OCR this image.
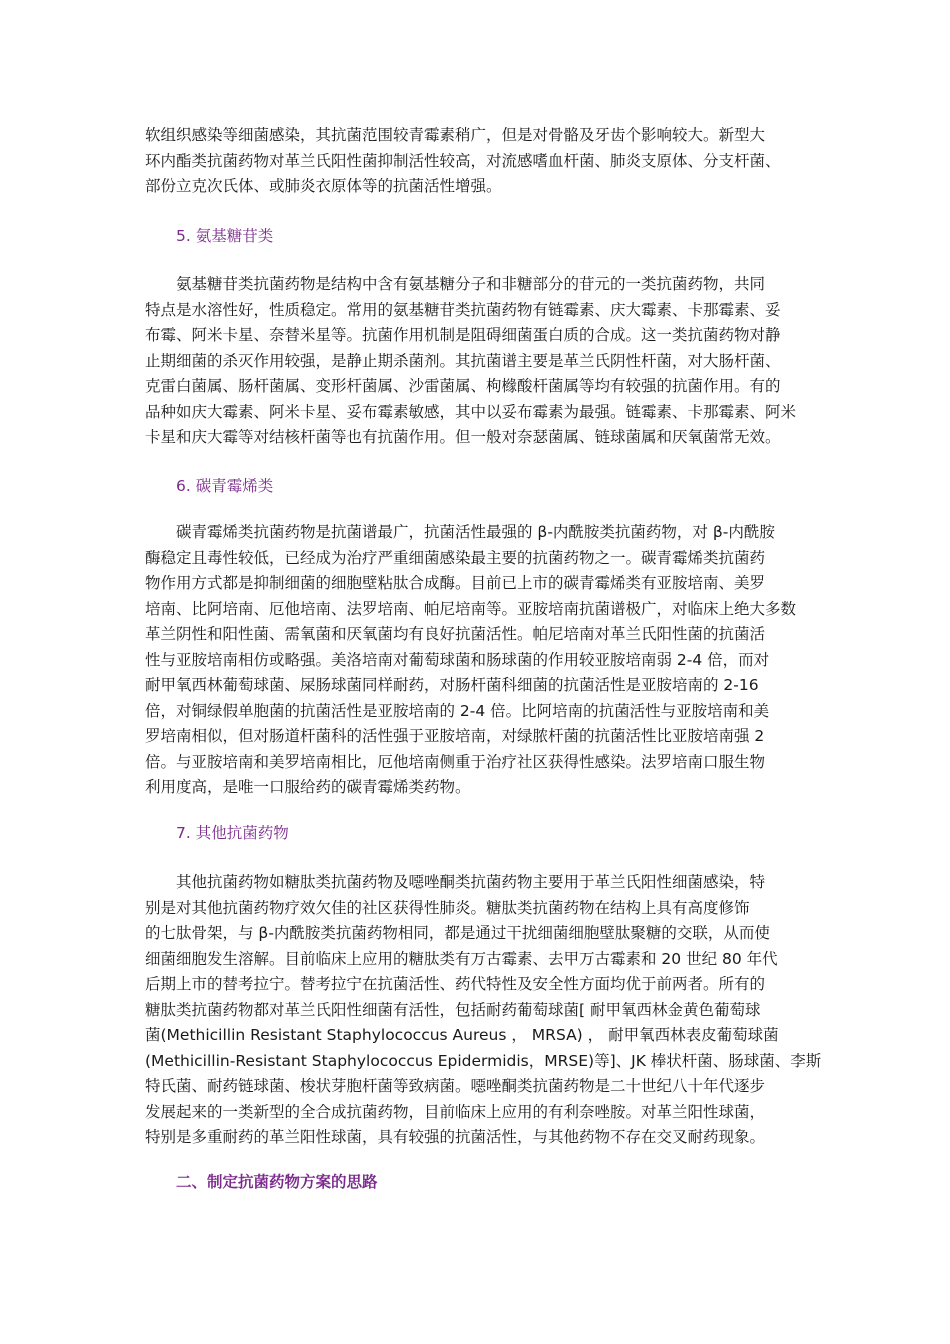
软组织感染等细菌感染，其抗菌范围较青霉素稍广，但是对骨骼及牙齿个影响较大。新型大
环内酯类抗菌药物对革兰氏阳性菌抑制活性较高，对流感嗜血杆菌、肺炎支原体、分支杆菌、
部份立克次氏体、或肺炎衣原体等的抗菌活性增强。

5. 氨基糖苷类

　　氨基糖苷类抗菌药物是结构中含有氨基糖分子和非糖部分的苷元的一类抗菌药物，共同
特点是水溶性好，性质稳定。常用的氨基糖苷类抗菌药物有链霉素、庆大霉素、卡那霉素、妥
布霉、阿米卡星、奈替米星等。抗菌作用机制是阻碍细菌蛋白质的合成。这一类抗菌药物对静
止期细菌的杀灭作用较强，是静止期杀菌剂。其抗菌谱主要是革兰氏阴性杆菌，对大肠杆菌、
克雷白菌属、肠杆菌属、变形杆菌属、沙雷菌属、枸橼酸杆菌属等均有较强的抗菌作用。有的
品种如庆大霉素、阿米卡星、妥布霉素敏感，其中以妥布霉素为最强。链霉素、卡那霉素、阿米
卡星和庆大霉等对结核杆菌等也有抗菌作用。但一般对奈瑟菌属、链球菌属和厌氧菌常无效。

6. 碳青霉烯类

　　碳青霉烯类抗菌药物是抗菌谱最广，抗菌活性最强的 β-内酰胺类抗菌药物，对 β-内酰胺
酶稳定且毒性较低，已经成为治疗严重细菌感染最主要的抗菌药物之一。碳青霉烯类抗菌药
物作用方式都是抑制细菌的细胞壁粘肽合成酶。目前已上市的碳青霉烯类有亚胺培南、美罗
培南、比阿培南、厄他培南、法罗培南、帕尼培南等。亚胺培南抗菌谱极广，对临床上绝大多数
革兰阴性和阳性菌、需氧菌和厌氧菌均有良好抗菌活性。帕尼培南对革兰氏阳性菌的抗菌活
性与亚胺培南相仿或略强。美洛培南对葡萄球菌和肠球菌的作用较亚胺培南弱 2-4 倍，而对
耐甲氧西林葡萄球菌、屎肠球菌同样耐药，对肠杆菌科细菌的抗菌活性是亚胺培南的 2-16
倍，对铜绿假单胞菌的抗菌活性是亚胺培南的 2-4 倍。比阿培南的抗菌活性与亚胺培南和美
罗培南相似，但对肠道杆菌科的活性强于亚胺培南，对绿脓杆菌的抗菌活性比亚胺培南强 2
倍。与亚胺培南和美罗培南相比，厄他培南侧重于治疗社区获得性感染。法罗培南口服生物
利用度高，是唯一口服给药的碳青霉烯类药物。

7. 其他抗菌药物

　　其他抗菌药物如糖肽类抗菌药物及噁唑酮类抗菌药物主要用于革兰氏阳性细菌感染，特
别是对其他抗菌药物疗效欠佳的社区获得性肺炎。糖肽类抗菌药物在结构上具有高度修饰
的七肽骨架，与 β-内酰胺类抗菌药物相同，都是通过干扰细菌细胞壁肽聚糖的交联，从而使
细菌细胞发生溶解。目前临床上应用的糖肽类有万古霉素、去甲万古霉素和 20 世纪 80 年代
后期上市的替考拉宁。替考拉宁在抗菌活性、药代特性及安全性方面均优于前两者。所有的
糖肽类抗菌药物都对革兰氏阳性细菌有活性，包括耐药葡萄球菌[ 耐甲氧西林金黄色葡萄球
菌(Methicillin Resistant Staphylococcus Aureus ， MRSA) ， 耐甲氧西林表皮葡萄球菌
(Methicillin-Resistant Staphylococcus Epidermidis，MRSE)等]、JK 棒状杆菌、肠球菌、李斯
特氏菌、耐药链球菌、梭状芽胞杆菌等致病菌。噁唑酮类抗菌药物是二十世纪八十年代逐步
发展起来的一类新型的全合成抗菌药物，目前临床上应用的有利奈唑胺。对革兰阳性球菌，
特别是多重耐药的革兰阳性球菌，具有较强的抗菌活性，与其他药物不存在交叉耐药现象。

二、制定抗菌药物方案的思路
